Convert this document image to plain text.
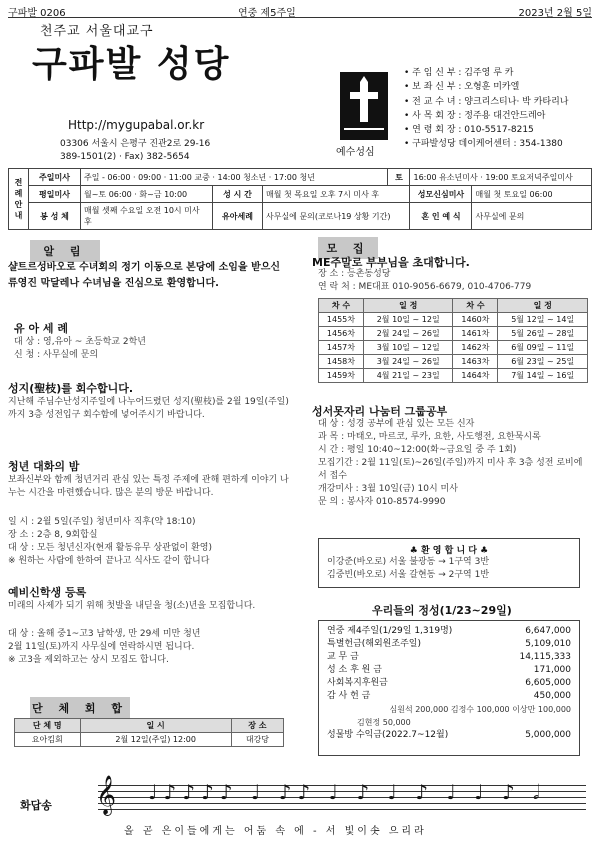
구파발 0206	연중 제5주일	2023년 2월 5일
천주교 서울대교구
구파발 성당
Http://mygupabal.or.kr
03306 서울시 은평구 진관2로 29-16
389-1501(2) · Fax) 382-5654	예수성심
• 주 임 신 부 : 김주영 루 카
• 보 좌 신 부 : 오형훈 미카엘
• 전 교 수 녀 : 양크리스티나· 박 카타리나
• 사 목 회 장 : 정주용 대건안드레아
• 연 령 회 장 : 010-5517-8215
• 구파발성당 데이케어센터 : 354-1380
전례안내	주일미사	주일 - 06:00 · 09:00 · 11:00 교중 · 14:00 청소년 · 17:00 청년			토	16:00 유소년미사 · 19:00 토요저녁주일미사	
	평일미사	월~토 06:00 · 화~금 10:00	성 시 간	매월 첫 목요일 오후 7시 미사 후		성모신심미사	매월 첫 토요일 06:00
	봉 성 체	매월 셋째 수요일 오전 10시 미사 후	유아세례	사무실에 문의(코로나19 상황 기간)		혼 인 예 식	사무실에 문의
알 림
샬트르성바오로 수녀회의 정기 이동으로 본당에 소임을 받으신 류영진 막달레나 수녀님을 진심으로 환영합니다.
유 아 세 례
대 상 : 영,유아 ~ 초등학교 2학년
신 청 : 사무실에 문의
성지(聖枝)를 회수합니다.
지난해 주님수난성지주일에 나누어드렸던 성지(聖枝)를 2월 19일(주일)까지 3층 성전입구 회수함에 넣어주시기 바랍니다.
청년 대화의 밤
보좌신부와 함께 청년거리 관심 있는 특정 주제에 관해 편하게 이야기 나누는 시간을 마련했습니다. 많은 분의 방문 바랍니다.
일 시 : 2월 5일(주일) 청년미사 직후(약 18:10)
장 소 : 2층 8, 9회합실
대 상 : 모든 청년신자(현재 활동유무 상관없이 환영)
※ 원하는 사람에 한하여 끝나고 식사도 같이 합니다
예비신학생 등록
미래의 사제가 되기 위해 첫발을 내딛을 청(소)년을 모집합니다.
대 상 : 올해 중1~고3 남학생, 만 29세 미만 청년
2월 11일(토)까지 사무실에 연락하시면 됩니다.
※ 고3을 제외하고는 상시 모집도 합니다.
단 체 회 합
단 체 명	일 시	장 소
요아킴회	2월 12일(주일) 12:00	대강당
모 집
ME주말로 부부님을 초대합니다.
장 소 : 등촌동성당
연 락 처 : ME대표 010-9056-6679, 010-4706-779
차 수	일 정	차 수	일 정
1455차	2월 10일 ~ 12일	1460차	5월 12일 ~ 14일
1456차	2월 24일 ~ 26일	1461차	5월 26일 ~ 28일
1457차	3월 10일 ~ 12일	1462차	6월 09일 ~ 11일
1458차	3월 24일 ~ 26일	1463차	6월 23일 ~ 25일
1459차	4월 21일 ~ 23일	1464차	7월 14일 ~ 16일
성서못자리 나눔터 그룹공부
대 상 : 성경 공부에 관심 있는 모든 신자
과 목 : 마태오, 마르코, 루카, 요한, 사도행전, 요한묵시록
시 간 : 평일 10:40~12:00(화~금요일 중 주 1회)
모집기간 : 2월 11일(토)~26일(주일)까지 미사 후 3층 성전 로비에서 접수
개강미사 : 3월 10일(금) 10시 미사
문 의 : 봉사자 010-8574-9990
♣ 환 영 합 니 다 ♣
이강준(바오로) 서울 불광동 → 1구역 3반
김중빈(바오로) 서울 갈현동 → 2구역 1반
우리들의 정성(1/23~29일)
연중 제4주일(1/29일 1,319명)	6,647,000
특별헌금(해외원조주일)	5,109,010
교 무 금	14,115,333
성 소 후 원 금	171,000
사회복지후원금	6,605,000
감 사 헌 금	450,000
심원석 200,000 김정수 100,000 이상만 100,000
김현정 50,000
성물방 수익금(2022.7~12월)	5,000,000
화답송 𝄞 ♩♪♪♪♪ ♩ ♪♪ ♩ ♪ ♩ ♪ ♩ ♩ ♪ 𝅗𝅥
올 곧 은이들에게는 어둠 속 에 - 서 빛이솟 으리라
